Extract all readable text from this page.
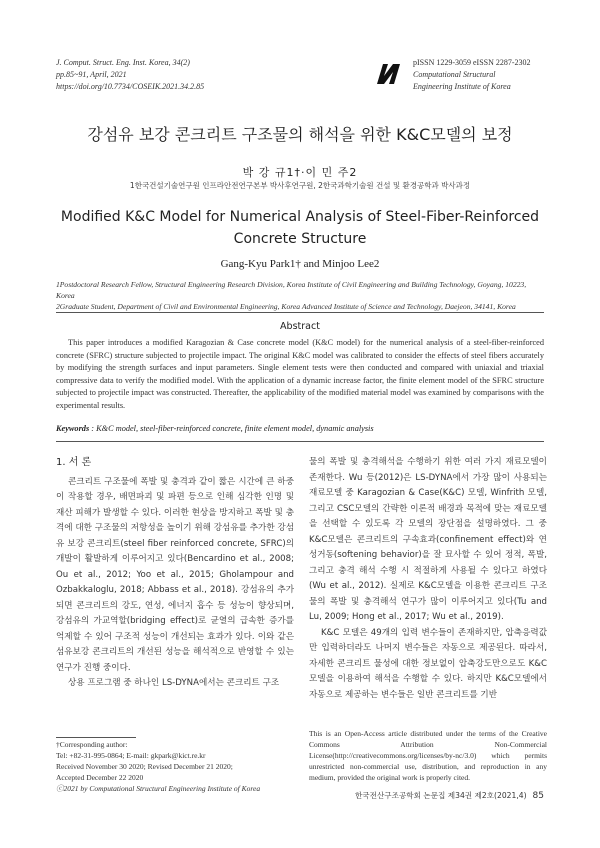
J. Comput. Struct. Eng. Inst. Korea, 34(2)
pp.85~91, April, 2021
https://doi.org/10.7734/COSEIK.2021.34.2.85
pISSN 1229-3059 eISSN 2287-2302
Computational Structural
Engineering Institute of Korea
강섬유 보강 콘크리트 구조물의 해석을 위한 K&C모델의 보정
박 강 규1†·이 민 주2
1한국건설기술연구원 인프라안전연구본부 박사후연구원, 2한국과학기술원 건설 및 환경공학과 박사과정
Modified K&C Model for Numerical Analysis of Steel-Fiber-Reinforced
Concrete Structure
Gang-Kyu Park1† and Minjoo Lee2
1Postdoctoral Research Fellow, Structural Engineering Research Division, Korea Institute of Civil Engineering and Building Technology, Goyang, 10223, Korea
2Graduate Student, Department of Civil and Environmental Engineering, Korea Advanced Institute of Science and Technology, Daejeon, 34141, Korea
Abstract
This paper introduces a modified Karagozian & Case concrete model (K&C model) for the numerical analysis of a steel-fiber-reinforced concrete (SFRC) structure subjected to projectile impact. The original K&C model was calibrated to consider the effects of steel fibers accurately by modifying the strength surfaces and input parameters. Single element tests were then conducted and compared with uniaxial and triaxial compressive data to verify the modified model. With the application of a dynamic increase factor, the finite element model of the SFRC structure subjected to projectile impact was constructed. Thereafter, the applicability of the modified material model was examined by comparisons with the experimental results.
Keywords : K&C model, steel-fiber-reinforced concrete, finite element model, dynamic analysis
1. 서 론

콘크리트 구조물에 폭발 및 충격과 같이 짧은 시간에 큰 하중이 작용할 경우, 배면파괴 및 파편 등으로 인해 심각한 인명 및 재산 피해가 발생할 수 있다. 이러한 현상을 방지하고 폭발 및 충격에 대한 구조물의 저항성을 높이기 위해 강섬유를 추가한 강섬유 보강 콘크리트(steel fiber reinforced concrete, SFRC)의 개발이 활발하게 이루어지고 있다(Bencardino et al., 2008; Ou et al., 2012; Yoo et al., 2015; Gholampour and Ozbakkaloglu, 2018; Abbass et al., 2018). 강섬유의 추가되면 콘크리트의 강도, 연성, 에너지 흡수 등 성능이 향상되며, 강섬유의 가교역할(bridging effect)로 균열의 급속한 증가를 억제할 수 있어 구조적 성능이 개선되는 효과가 있다. 이와 같은 섬유보강 콘크리트의 개선된 성능을 해석적으로 반영할 수 있는 연구가 진행 중이다.

상용 프로그램 중 하나인 LS-DYNA에서는 콘크리트 구조

물의 폭발 및 충격해석을 수행하기 위한 여러 가지 재료모델이 존재한다. Wu 등(2012)은 LS-DYNA에서 가장 많이 사용되는 재료모델 중 Karagozian & Case(K&C) 모델, Winfrith 모델, 그리고 CSC모델의 간략한 이론적 배경과 목적에 맞는 재료모델을 선택할 수 있도록 각 모델의 장단점을 설명하였다. 그 중 K&C모델은 콘크리트의 구속효과(confinement effect)와 연성거동(softening behavior)을 잘 묘사할 수 있어 정적, 폭발, 그리고 충격 해석 수행 시 적절하게 사용될 수 있다고 하였다(Wu et al., 2012). 실제로 K&C모델을 이용한 콘크리트 구조물의 폭발 및 충격해석 연구가 많이 이루어지고 있다(Tu and Lu, 2009; Hong et al., 2017; Wu et al., 2019).

K&C 모델은 49개의 입력 변수들이 존재하지만, 압축응력값만 입력하더라도 나머지 변수들은 자동으로 제공된다. 따라서, 자세한 콘크리트 물성에 대한 정보없이 압축강도만으로도 K&C모델을 이용하여 해석을 수행할 수 있다. 하지만 K&C모델에서 자동으로 제공하는 변수들은 일반 콘크리트를 기반

†Corresponding author:
Tel: +82-31-995-0864; E-mail: gkpark@kict.re.kr
Received November 30 2020; Revised December 21 2020;
Accepted December 22 2020
ⓒ2021 by Computational Structural Engineering Institute of Korea
This is an Open-Access article distributed under the terms of the Creative Commons Attribution Non-Commercial License(http://creativecommons.org/licenses/by-nc/3.0) which permits unrestricted non-commercial use, distribution, and reproduction in any medium, provided the original work is properly cited.
한국전산구조공학회 논문집 제34권 제2호(2021,4) 85
